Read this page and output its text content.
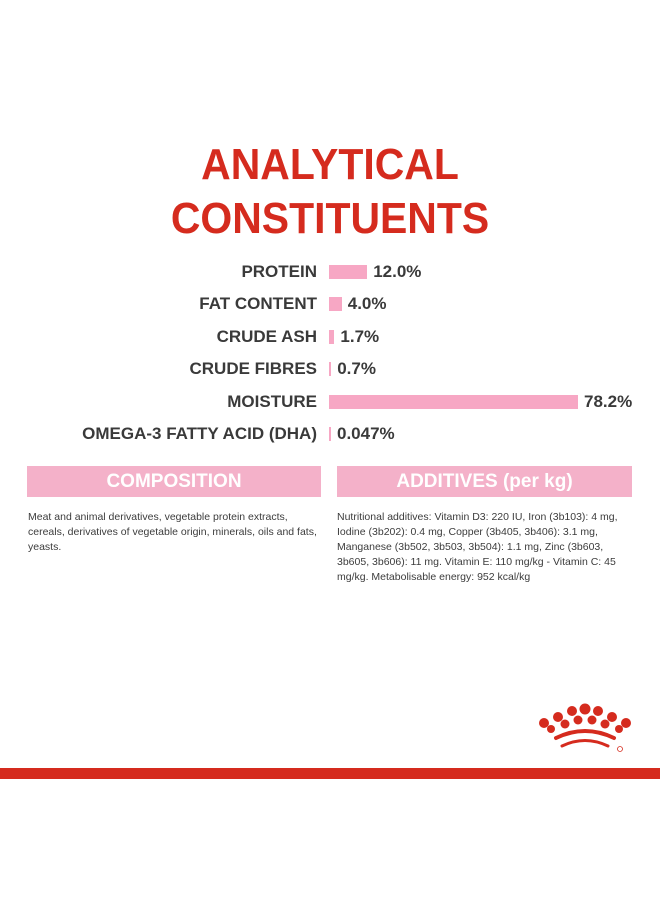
ANALYTICAL
CONSTITUENTS
PROTEIN	12.0%
FAT CONTENT 4.0%
CRUDE ASH 1.7%
CRUDE FIBRES 0.7%
MOISTURE	78.2%
OMEGA-3 FATTY ACID (DHA) 0.047%
COMPOSITION
Meat and animal derivatives, vegetable protein extracts, cereals, derivatives of vegetable origin, minerals, oils and fats, yeasts.
ADDITIVES (per kg)
Nutritional additives: Vitamin D3: 220 IU, Iron (3b103): 4 mg, Iodine (3b202): 0.4 mg, Copper (3b405, 3b406): 3.1 mg, Manganese (3b502, 3b503, 3b504): 1.1 mg, Zinc (3b603, 3b605, 3b606): 11 mg. Vitamin E: 110 mg/kg - Vitamin C: 45 mg/kg. Metabolisable energy: 952 kcal/kg
